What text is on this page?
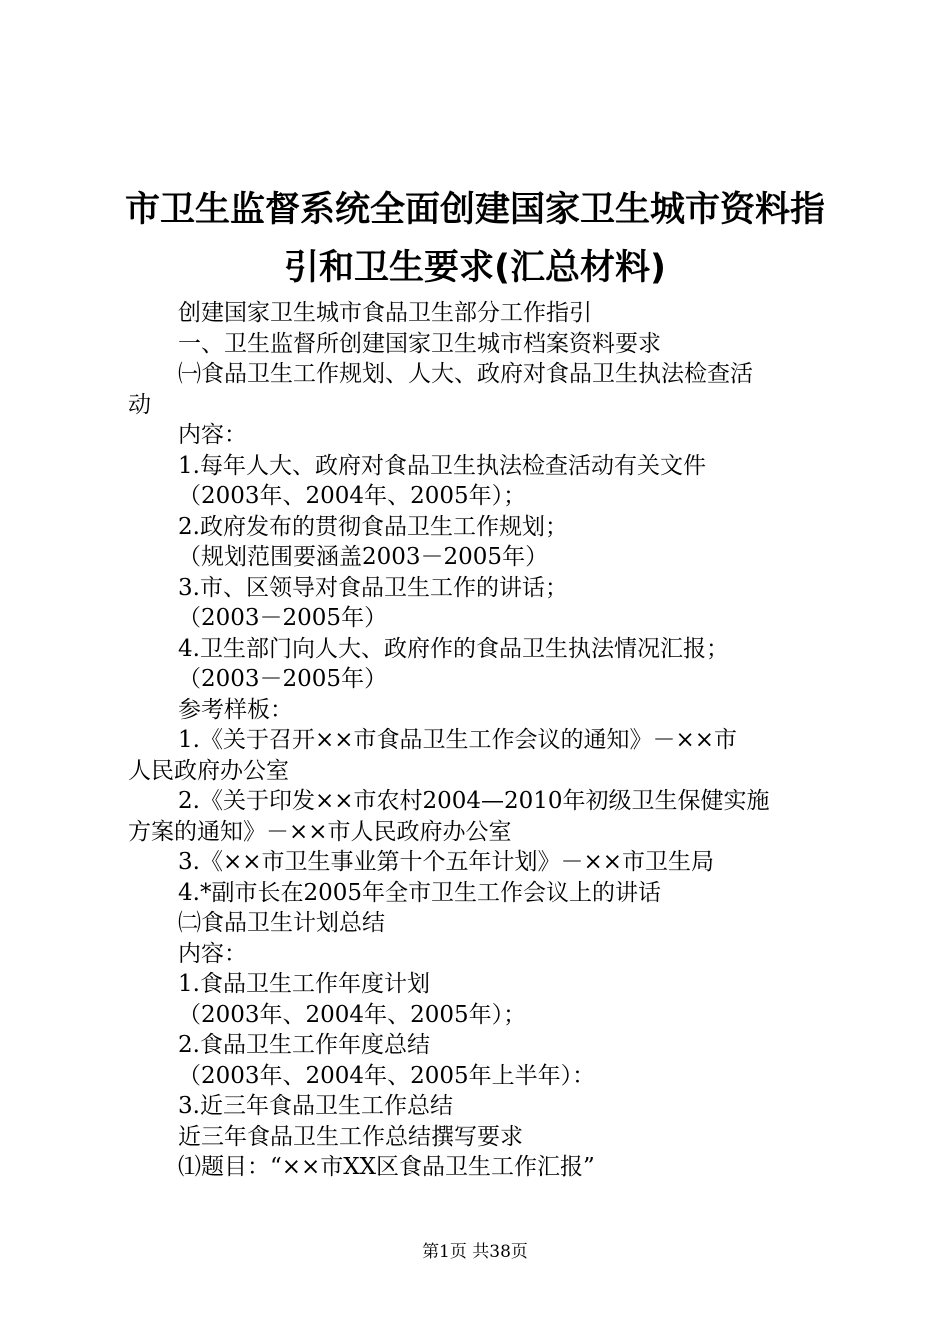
市卫生监督系统全面创建国家卫生城市资料指
引和卫生要求(汇总材料)
创建国家卫生城市食品卫生部分工作指引
一、卫生监督所创建国家卫生城市档案资料要求
㈠食品卫生工作规划、人大、政府对食品卫生执法检查活
动
内容：
1.每年人大、政府对食品卫生执法检查活动有关文件
（2003年、2004年、2005年）；
2.政府发布的贯彻食品卫生工作规划；
（规划范围要涵盖2003－2005年）
3.市、区领导对食品卫生工作的讲话；
（2003－2005年）
4.卫生部门向人大、政府作的食品卫生执法情况汇报；
（2003－2005年）
参考样板：
1.《关于召开××市食品卫生工作会议的通知》－××市
人民政府办公室
2.《关于印发××市农村2004—2010年初级卫生保健实施
方案的通知》－××市人民政府办公室
3.《××市卫生事业第十个五年计划》－××市卫生局
4.*副市长在2005年全市卫生工作会议上的讲话
㈡食品卫生计划总结
内容：
1.食品卫生工作年度计划
（2003年、2004年、2005年）；
2.食品卫生工作年度总结
（2003年、2004年、2005年上半年）：
3.近三年食品卫生工作总结
近三年食品卫生工作总结撰写要求
⑴题目：“××市XX区食品卫生工作汇报”
第1页 共38页
